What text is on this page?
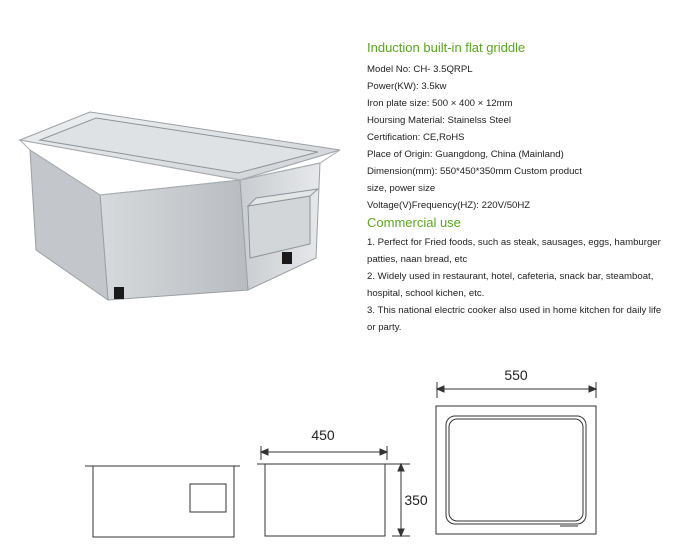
Induction built-in flat griddle
Model No: CH- 3.5QRPL
Power(KW): 3.5kw
Iron plate size: 500 × 400 × 12mm
Hoursing Material: Stainelss Steel
Certification: CE,RoHS
Place of Origin: Guangdong, China (Mainland)
Dimension(mm): 550*450*350mm Custom product
size, power size
Voltage(V)Frequency(HZ): 220V/50HZ
Commercial use
1. Perfect for Fried foods, such as steak, sausages, eggs, hamburger patties, naan bread, etc
2. Widely used in restaurant, hotel, cafeteria, snack bar, steamboat, hospital, school kichen, etc.
3. This national electric cooker also used in home kitchen for daily life or party.
450
350
550
